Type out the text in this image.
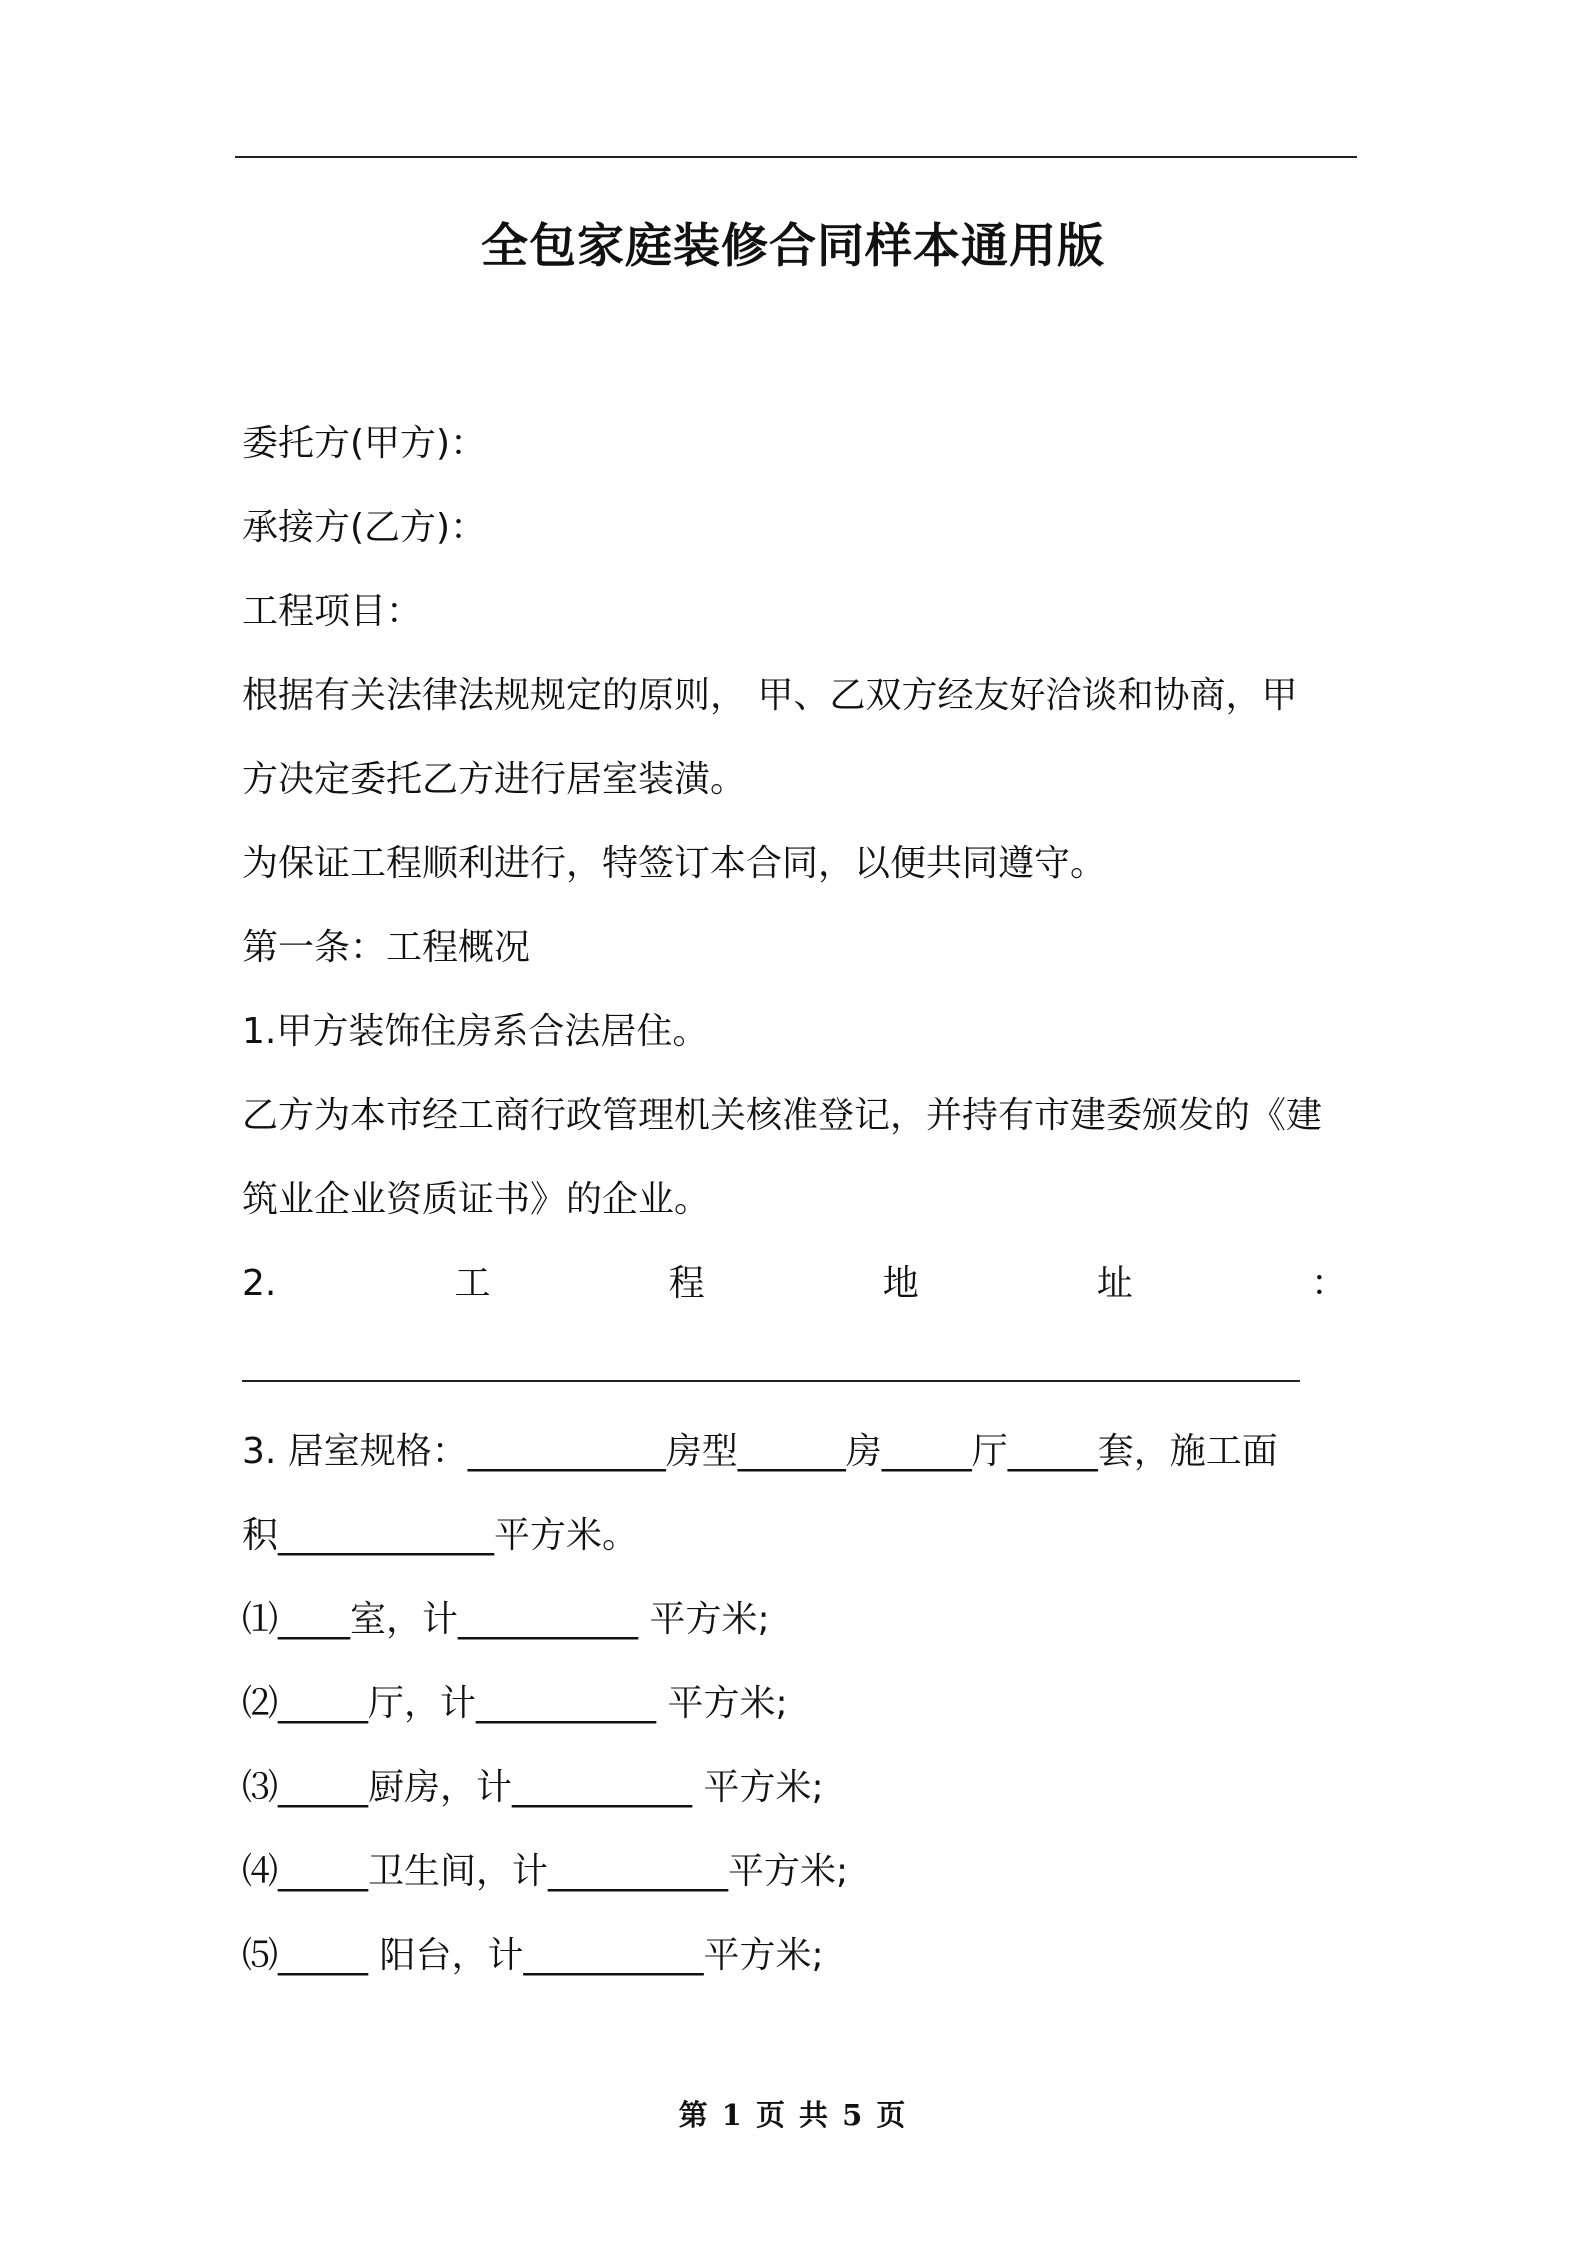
全包家庭装修合同样本通用版
委托方(甲方)：
承接方(乙方)：
工程项目：
根据有关法律法规规定的原则， 甲、乙双方经友好洽谈和协商，甲
方决定委托乙方进行居室装潢。
为保证工程顺利进行，特签订本合同，以便共同遵守。
第一条：工程概况
1.甲方装饰住房系合法居住。
乙方为本市经工商行政管理机关核准登记，并持有市建委颁发的《建
筑业企业资质证书》的企业。
2.	工	程	地	址	：
3. 居室规格：___________房型______房_____厅_____套，施工面
积____________平方米。
⑴____室，计__________ 平方米;
⑵_____厅，计__________ 平方米;
⑶_____厨房，计__________ 平方米;
⑷_____卫生间，计__________平方米;
⑸_____ 阳台，计__________平方米;
第 1 页 共 5 页
